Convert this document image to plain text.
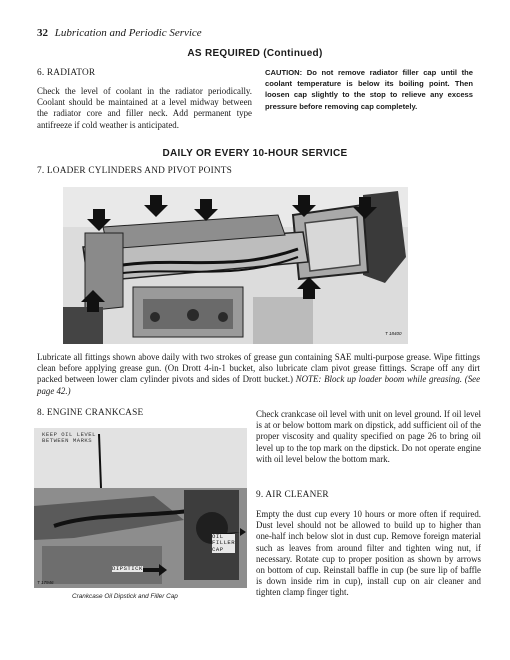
32 Lubrication and Periodic Service
AS REQUIRED (Continued)
6. RADIATOR
Check the level of coolant in the radiator periodically. Coolant should be maintained at a level midway between the radiator core and filler neck. Add permanent type antifreeze if cold weather is anticipated.
CAUTION: Do not remove radiator filler cap until the coolant temperature is below its boiling point. Then loosen cap slightly to the stop to relieve any excess pressure before removing cap completely.
DAILY OR EVERY 10-HOUR SERVICE
7. LOADER CYLINDERS AND PIVOT POINTS
T 18400
Lubricate all fittings shown above daily with two strokes of grease gun containing SAE multi-purpose grease. Wipe fittings clean before applying grease gun. (On Drott 4-in-1 bucket, also lubricate clam pivot grease fittings. Scrape off any dirt packed between lower clam cylinder pivots and sides of Drott bucket.) NOTE: Block up loader boom while greasing. (See page 42.)
8. ENGINE CRANKCASE
KEEP OIL LEVEL
BETWEEN MARKS
OIL
FILLER
CAP
DIPSTICK
T 17946
Crankcase Oil Dipstick and Filler Cap
Check crankcase oil level with unit on level ground. If oil level is at or below bottom mark on dipstick, add sufficient oil of the proper viscosity and quality specified on page 26 to bring oil level up to the top mark on the dipstick. Do not operate engine with oil level below the bottom mark.
9. AIR CLEANER
Empty the dust cup every 10 hours or more often if required. Dust level should not be allowed to build up to higher than one-half inch below slot in dust cup. Remove foreign material such as leaves from around filter and tighten wing nut, if necessary. Rotate cup to proper position as shown by arrows on bottom of cup. Reinstall baffle in cup (be sure lip of baffle is down inside rim in cup), install cup on air cleaner and tighten clamp finger tight.
